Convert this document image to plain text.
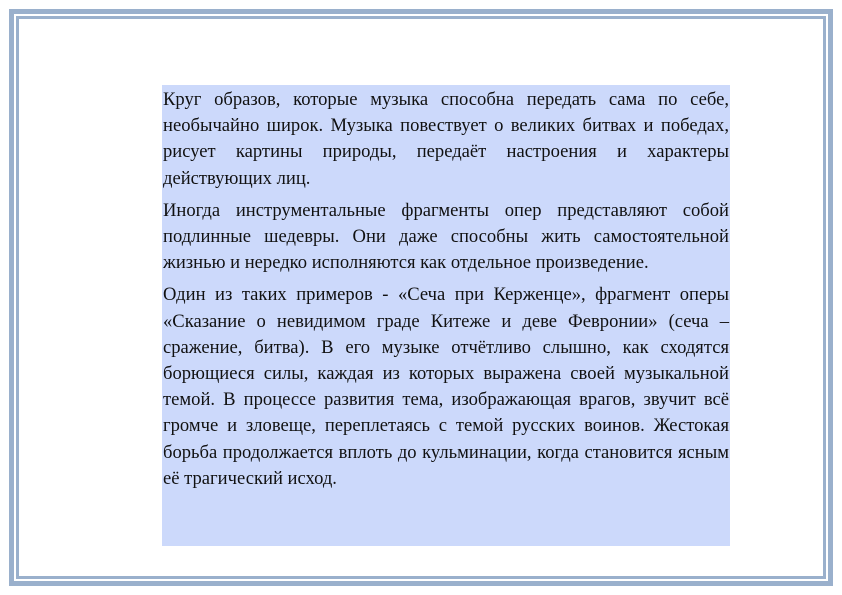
Круг образов, которые музыка способна передать сама по себе, необычайно широк. Музыка повествует о великих битвах и победах, рисует картины природы, передаёт настроения и характеры действующих лиц.

Иногда инструментальные фрагменты опер представляют собой подлинные шедевры. Они даже способны жить самостоятельной жизнью и нередко исполняются как отдельное произведение.

Один из таких примеров - «Сеча при Керженце», фрагмент оперы «Сказание о невидимом граде Китеже и деве Февронии» (сеча – сражение, битва). В его музыке отчётливо слышно, как сходятся борющиеся силы, каждая из которых выражена своей музыкальной темой. В процессе развития тема, изображающая врагов, звучит всё громче и зловеще, переплетаясь с темой русских воинов. Жестокая борьба продолжается вплоть до кульминации, когда становится ясным её трагический исход.
